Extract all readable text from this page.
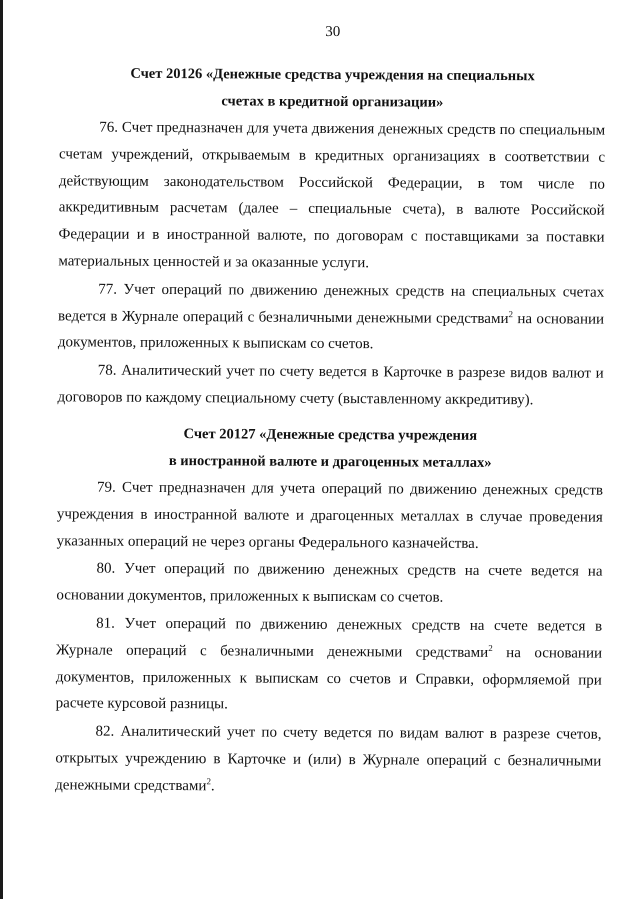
30
Счет 20126 «Денежные средства учреждения на специальных
счетах в кредитной организации»

76. Счет предназначен для учета движения денежных средств по специальным счетам учреждений, открываемым в кредитных организациях в соответствии с действующим законодательством Российской Федерации, в том числе по аккредитивным расчетам (далее – специальные счета), в валюте Российской Федерации и в иностранной валюте, по договорам с поставщиками за поставки материальных ценностей и за оказанные услуги.

77. Учет операций по движению денежных средств на специальных счетах ведется в Журнале операций с безналичными денежными средствами$^2$ на основании документов, приложенных к выпискам со счетов.

78. Аналитический учет по счету ведется в Карточке в разрезе видов валют и договоров по каждому специальному счету (выставленному аккредитиву).

Счет 20127 «Денежные средства учреждения
в иностранной валюте и драгоценных металлах»

79. Счет предназначен для учета операций по движению денежных средств учреждения в иностранной валюте и драгоценных металлах в случае проведения указанных операций не через органы Федерального казначейства.

80. Учет операций по движению денежных средств на счете ведется на основании документов, приложенных к выпискам со счетов.

81. Учет операций по движению денежных средств на счете ведется в Журнале операций с безналичными денежными средствами$^2$ на основании документов, приложенных к выпискам со счетов и Справки, оформляемой при расчете курсовой разницы.

82. Аналитический учет по счету ведется по видам валют в разрезе счетов, открытых учреждению в Карточке и (или) в Журнале операций с безналичными денежными средствами$^2$.
